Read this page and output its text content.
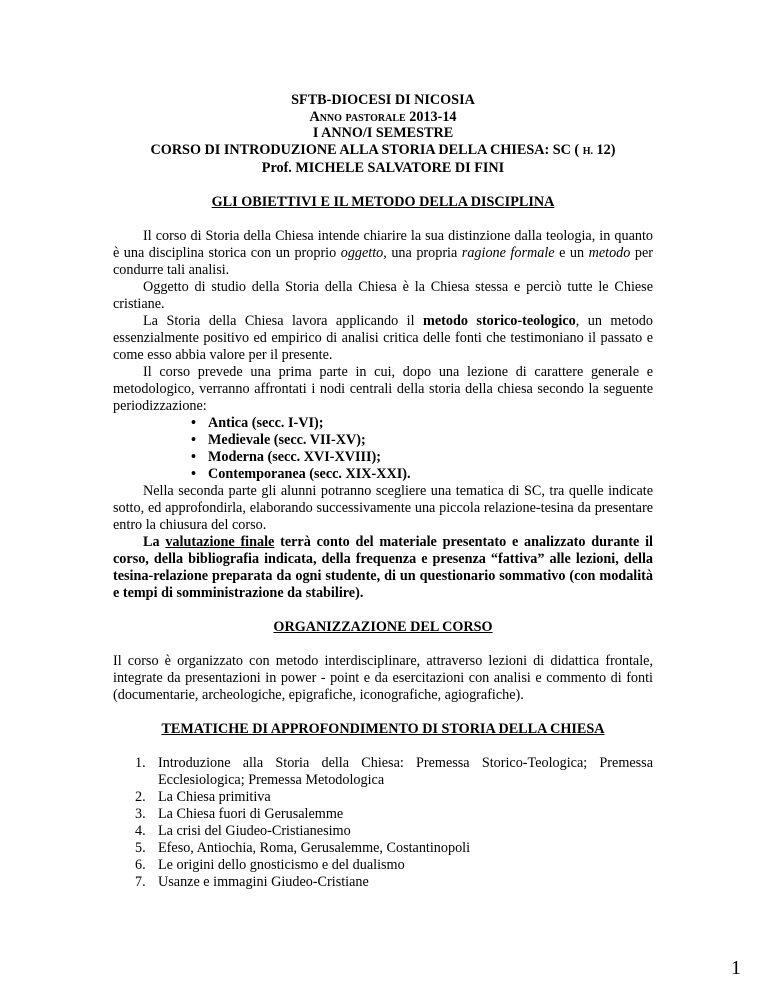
SFTB-DIOCESI DI NICOSIA
Anno pastorale 2013-14
I ANNO/I SEMESTRE
CORSO DI INTRODUZIONE ALLA STORIA DELLA CHIESA: SC ( H. 12)
Prof. MICHELE SALVATORE DI FINI
GLI OBIETTIVI E IL METODO DELLA DISCIPLINA

Il corso di Storia della Chiesa intende chiarire la sua distinzione dalla teologia, in quanto è una disciplina storica con un proprio oggetto, una propria ragione formale e un metodo per condurre tali analisi.

Oggetto di studio della Storia della Chiesa è la Chiesa stessa e perciò tutte le Chiese cristiane.

La Storia della Chiesa lavora applicando il metodo storico-teologico, un metodo essenzialmente positivo ed empirico di analisi critica delle fonti che testimoniano il passato e come esso abbia valore per il presente.

Il corso prevede una prima parte in cui, dopo una lezione di carattere generale e metodologico, verranno affrontati i nodi centrali della storia della chiesa secondo la seguente periodizzazione:

• Antica (secc. I-VI);
• Medievale (secc. VII-XV);
• Moderna (secc. XVI-XVIII);
• Contemporanea (secc. XIX-XXI).

Nella seconda parte gli alunni potranno scegliere una tematica di SC, tra quelle indicate sotto, ed approfondirla, elaborando successivamente una piccola relazione-tesina da presentare entro la chiusura del corso.

La valutazione finale terrà conto del materiale presentato e analizzato durante il corso, della bibliografia indicata, della frequenza e presenza “fattiva” alle lezioni, della tesina-relazione preparata da ogni studente, di un questionario sommativo (con modalità e tempi di somministrazione da stabilire).

ORGANIZZAZIONE DEL CORSO

Il corso è organizzato con metodo interdisciplinare, attraverso lezioni di didattica frontale, integrate da presentazioni in power - point e da esercitazioni con analisi e commento di fonti (documentarie, archeologiche, epigrafiche, iconografiche, agiografiche).

TEMATICHE DI APPROFONDIMENTO DI STORIA DELLA CHIESA
1. Introduzione alla Storia della Chiesa: Premessa Storico-Teologica; Premessa Ecclesiologica; Premessa Metodologica
2. La Chiesa primitiva
3. La Chiesa fuori di Gerusalemme
4. La crisi del Giudeo-Cristianesimo
5. Efeso, Antiochia, Roma, Gerusalemme, Costantinopoli
6. Le origini dello gnosticismo e del dualismo
7. Usanze e immagini Giudeo-Cristiane
1
